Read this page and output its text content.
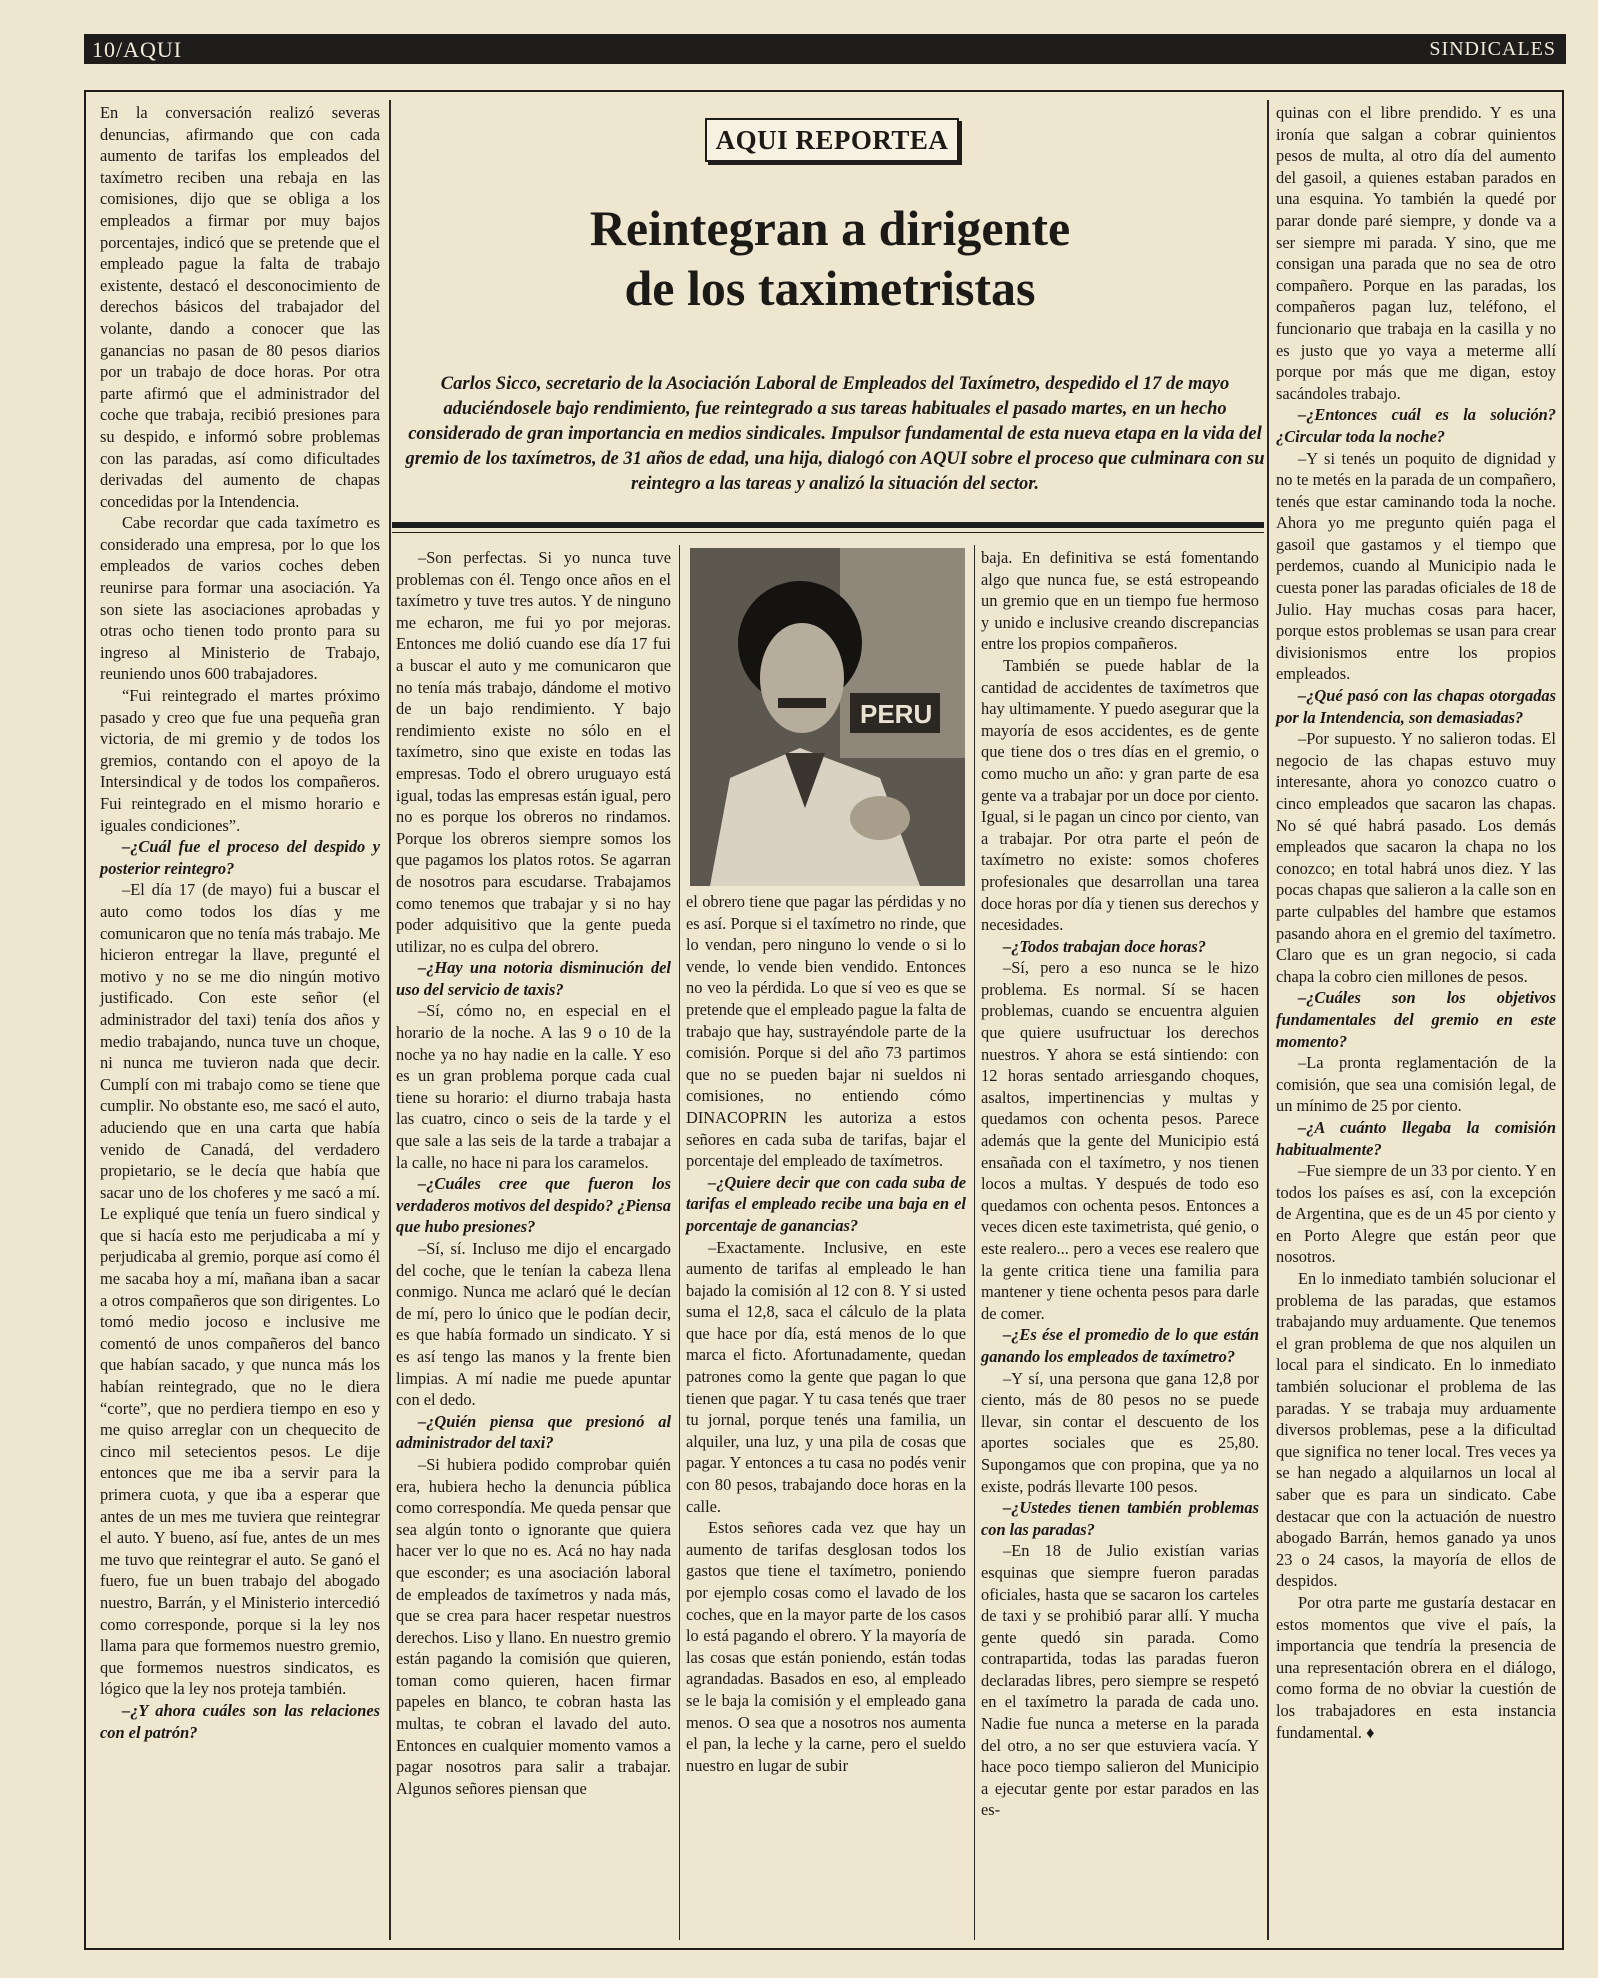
10/AQUI	SINDICALES
AQUI REPORTEA
Reintegran a dirigente
de los taximetristas
Carlos Sicco, secretario de la Asociación Laboral de Empleados del Taxímetro, despedido el 17 de mayo aduciéndosele bajo rendimiento, fue reintegrado a sus tareas habituales el pasado martes, en un hecho considerado de gran importancia en medios sindicales. Impulsor fundamental de esta nueva etapa en la vida del gremio de los taxímetros, de 31 años de edad, una hija, dialogó con AQUI sobre el proceso que culminara con su reintegro a las tareas y analizó la situación del sector.

En la conversación realizó severas denuncias, afirmando que con cada aumento de tarifas los empleados del taxímetro reciben una rebaja en las comisiones, dijo que se obliga a los empleados a firmar por muy bajos porcentajes, indicó que se pretende que el empleado pague la falta de trabajo existente, destacó el desconocimiento de derechos básicos del trabajador del volante, dando a conocer que las ganancias no pasan de 80 pesos diarios por un trabajo de doce horas. Por otra parte afirmó que el administrador del coche que trabaja, recibió presiones para su despido, e informó sobre problemas con las paradas, así como dificultades derivadas del aumento de chapas concedidas por la Intendencia.

Cabe recordar que cada taxímetro es considerado una empresa, por lo que los empleados de varios coches deben reunirse para formar una asociación. Ya son siete las asociaciones aprobadas y otras ocho tienen todo pronto para su ingreso al Ministerio de Trabajo, reuniendo unos 600 trabajadores.

“Fui reintegrado el martes próximo pasado y creo que fue una pequeña gran victoria, de mi gremio y de todos los gremios, contando con el apoyo de la Intersindical y de todos los compañeros. Fui reintegrado en el mismo horario e iguales condiciones”.

–¿Cuál fue el proceso del despido y posterior reintegro?

–El día 17 (de mayo) fui a buscar el auto como todos los días y me comunicaron que no tenía más trabajo. Me hicieron entregar la llave, pregunté el motivo y no se me dio ningún motivo justificado. Con este señor (el administrador del taxi) tenía dos años y medio trabajando, nunca tuve un choque, ni nunca me tuvieron nada que decir. Cumplí con mi trabajo como se tiene que cumplir. No obstante eso, me sacó el auto, aduciendo que en una carta que había venido de Canadá, del verdadero propietario, se le decía que había que sacar uno de los choferes y me sacó a mí. Le expliqué que tenía un fuero sindical y que si hacía esto me perjudicaba a mí y perjudicaba al gremio, porque así como él me sacaba hoy a mí, mañana iban a sacar a otros compañeros que son dirigentes. Lo tomó medio jocoso e inclusive me comentó de unos compañeros del banco que habían sacado, y que nunca más los habían reintegrado, que no le diera “corte”, que no perdiera tiempo en eso y me quiso arreglar con un chequecito de cinco mil setecientos pesos. Le dije entonces que me iba a servir para la primera cuota, y que iba a esperar que antes de un mes me tuviera que reintegrar el auto. Y bueno, así fue, antes de un mes me tuvo que reintegrar el auto. Se ganó el fuero, fue un buen trabajo del abogado nuestro, Barrán, y el Ministerio intercedió como corresponde, porque si la ley nos llama para que formemos nuestro gremio, que formemos nuestros sindicatos, es lógico que la ley nos proteja también.

–¿Y ahora cuáles son las relaciones con el patrón?

–Son perfectas. Si yo nunca tuve problemas con él. Tengo once años en el taxímetro y tuve tres autos. Y de ninguno me echaron, me fui yo por mejoras. Entonces me dolió cuando ese día 17 fui a buscar el auto y me comunicaron que no tenía más trabajo, dándome el motivo de un bajo rendimiento. Y bajo rendimiento existe no sólo en el taxímetro, sino que existe en todas las empresas. Todo el obrero uruguayo está igual, todas las empresas están igual, pero no es porque los obreros no rindamos. Porque los obreros siempre somos los que pagamos los platos rotos. Se agarran de nosotros para escudarse. Trabajamos como tenemos que trabajar y si no hay poder adquisitivo que la gente pueda utilizar, no es culpa del obrero.

–¿Hay una notoria disminución del uso del servicio de taxis?

–Sí, cómo no, en especial en el horario de la noche. A las 9 o 10 de la noche ya no hay nadie en la calle. Y eso es un gran problema porque cada cual tiene su horario: el diurno trabaja hasta las cuatro, cinco o seis de la tarde y el que sale a las seis de la tarde a trabajar a la calle, no hace ni para los caramelos.

–¿Cuáles cree que fueron los verdaderos motivos del despido? ¿Piensa que hubo presiones?

–Sí, sí. Incluso me dijo el encargado del coche, que le tenían la cabeza llena conmigo. Nunca me aclaró qué le decían de mí, pero lo único que le podían decir, es que había formado un sindicato. Y si es así tengo las manos y la frente bien limpias. A mí nadie me puede apuntar con el dedo.

–¿Quién piensa que presionó al administrador del taxi?

–Si hubiera podido comprobar quién era, hubiera hecho la denuncia pública como correspondía. Me queda pensar que sea algún tonto o ignorante que quiera hacer ver lo que no es. Acá no hay nada que esconder; es una asociación laboral de empleados de taxímetros y nada más, que se crea para hacer respetar nuestros derechos. Liso y llano. En nuestro gremio están pagando la comisión que quieren, toman como quieren, hacen firmar papeles en blanco, te cobran hasta las multas, te cobran el lavado del auto. Entonces en cualquier momento vamos a pagar nosotros para salir a trabajar. Algunos señores piensan que

PERU

el obrero tiene que pagar las pérdidas y no es así. Porque si el taxímetro no rinde, que lo vendan, pero ninguno lo vende o si lo vende, lo vende bien vendido. Entonces no veo la pérdida. Lo que sí veo es que se pretende que el empleado pague la falta de trabajo que hay, sustrayéndole parte de la comisión. Porque si del año 73 partimos que no se pueden bajar ni sueldos ni comisiones, no entiendo cómo DINACOPRIN les autoriza a estos señores en cada suba de tarifas, bajar el porcentaje del empleado de taxímetros.

–¿Quiere decir que con cada suba de tarifas el empleado recibe una baja en el porcentaje de ganancias?

–Exactamente. Inclusive, en este aumento de tarifas al empleado le han bajado la comisión al 12 con 8. Y si usted suma el 12,8, saca el cálculo de la plata que hace por día, está menos de lo que marca el ficto. Afortunadamente, quedan patrones como la gente que pagan lo que tienen que pagar. Y tu casa tenés que traer tu jornal, porque tenés una familia, un alquiler, una luz, y una pila de cosas que pagar. Y entonces a tu casa no podés venir con 80 pesos, trabajando doce horas en la calle.

Estos señores cada vez que hay un aumento de tarifas desglosan todos los gastos que tiene el taxímetro, poniendo por ejemplo cosas como el lavado de los coches, que en la mayor parte de los casos lo está pagando el obrero. Y la mayoría de las cosas que están poniendo, están todas agrandadas. Basados en eso, al empleado se le baja la comisión y el empleado gana menos. O sea que a nosotros nos aumenta el pan, la leche y la carne, pero el sueldo nuestro en lugar de subir

baja. En definitiva se está fomentando algo que nunca fue, se está estropeando un gremio que en un tiempo fue hermoso y unido e inclusive creando discrepancias entre los propios compañeros.

También se puede hablar de la cantidad de accidentes de taxímetros que hay ultimamente. Y puedo asegurar que la mayoría de esos accidentes, es de gente que tiene dos o tres días en el gremio, o como mucho un año: y gran parte de esa gente va a trabajar por un doce por ciento. Igual, si le pagan un cinco por ciento, van a trabajar. Por otra parte el peón de taxímetro no existe: somos choferes profesionales que desarrollan una tarea doce horas por día y tienen sus derechos y necesidades.

–¿Todos trabajan doce horas?

–Sí, pero a eso nunca se le hizo problema. Es normal. Sí se hacen problemas, cuando se encuentra alguien que quiere usufructuar los derechos nuestros. Y ahora se está sintiendo: con 12 horas sentado arriesgando choques, asaltos, impertinencias y multas y quedamos con ochenta pesos. Parece además que la gente del Municipio está ensañada con el taxímetro, y nos tienen locos a multas. Y después de todo eso quedamos con ochenta pesos. Entonces a veces dicen este taximetrista, qué genio, o este realero... pero a veces ese realero que la gente critica tiene una familia para mantener y tiene ochenta pesos para darle de comer.

–¿Es ése el promedio de lo que están ganando los empleados de taxímetro?

–Y sí, una persona que gana 12,8 por ciento, más de 80 pesos no se puede llevar, sin contar el descuento de los aportes sociales que es 25,80. Supongamos que con propina, que ya no existe, podrás llevarte 100 pesos.

–¿Ustedes tienen también problemas con las paradas?

–En 18 de Julio existían varias esquinas que siempre fueron paradas oficiales, hasta que se sacaron los carteles de taxi y se prohibió parar allí. Y mucha gente quedó sin parada. Como contrapartida, todas las paradas fueron declaradas libres, pero siempre se respetó en el taxímetro la parada de cada uno. Nadie fue nunca a meterse en la parada del otro, a no ser que estuviera vacía. Y hace poco tiempo salieron del Municipio a ejecutar gente por estar parados en las es-

quinas con el libre prendido. Y es una ironía que salgan a cobrar quinientos pesos de multa, al otro día del aumento del gasoil, a quienes estaban parados en una esquina. Yo también la quedé por parar donde paré siempre, y donde va a ser siempre mi parada. Y sino, que me consigan una parada que no sea de otro compañero. Porque en las paradas, los compañeros pagan luz, teléfono, el funcionario que trabaja en la casilla y no es justo que yo vaya a meterme allí porque por más que me digan, estoy sacándoles trabajo.

–¿Entonces cuál es la solución? ¿Circular toda la noche?

–Y si tenés un poquito de dignidad y no te metés en la parada de un compañero, tenés que estar caminando toda la noche. Ahora yo me pregunto quién paga el gasoil que gastamos y el tiempo que perdemos, cuando al Municipio nada le cuesta poner las paradas oficiales de 18 de Julio. Hay muchas cosas para hacer, porque estos problemas se usan para crear divisionismos entre los propios empleados.

–¿Qué pasó con las chapas otorgadas por la Intendencia, son demasiadas?

–Por supuesto. Y no salieron todas. El negocio de las chapas estuvo muy interesante, ahora yo conozco cuatro o cinco empleados que sacaron las chapas. No sé qué habrá pasado. Los demás empleados que sacaron la chapa no los conozco; en total habrá unos diez. Y las pocas chapas que salieron a la calle son en parte culpables del hambre que estamos pasando ahora en el gremio del taxímetro. Claro que es un gran negocio, si cada chapa la cobro cien millones de pesos.

–¿Cuáles son los objetivos fundamentales del gremio en este momento?

–La pronta reglamentación de la comisión, que sea una comisión legal, de un mínimo de 25 por ciento.

–¿A cuánto llegaba la comisión habitualmente?

–Fue siempre de un 33 por ciento. Y en todos los países es así, con la excepción de Argentina, que es de un 45 por ciento y en Porto Alegre que están peor que nosotros.

En lo inmediato también solucionar el problema de las paradas, que estamos trabajando muy arduamente. Que tenemos el gran problema de que nos alquilen un local para el sindicato. En lo inmediato también solucionar el problema de las paradas. Y se trabaja muy arduamente diversos problemas, pese a la dificultad que significa no tener local. Tres veces ya se han negado a alquilarnos un local al saber que es para un sindicato. Cabe destacar que con la actuación de nuestro abogado Barrán, hemos ganado ya unos 23 o 24 casos, la mayoría de ellos de despidos.

Por otra parte me gustaría destacar en estos momentos que vive el país, la importancia que tendría la presencia de una representación obrera en el diálogo, como forma de no obviar la cuestión de los trabajadores en esta instancia fundamental. ♦
